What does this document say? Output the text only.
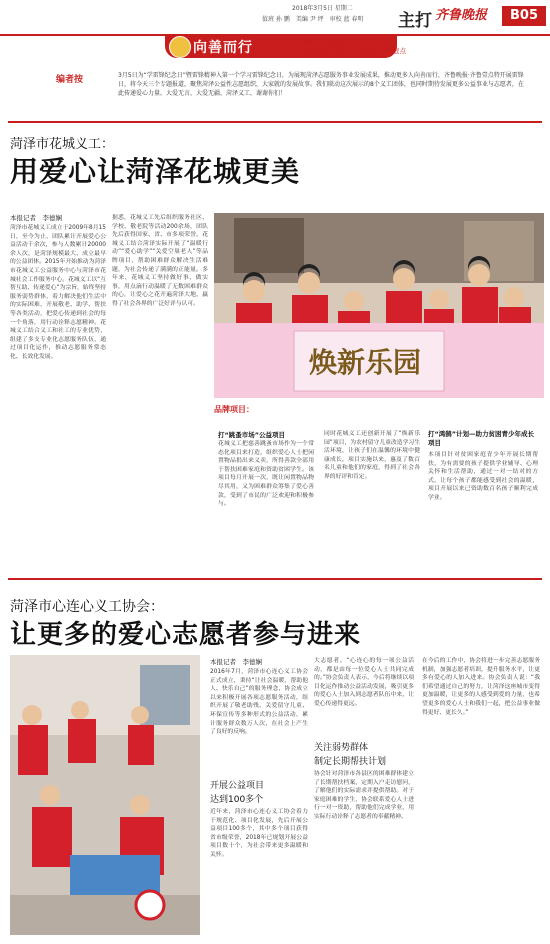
2018年3月5日 星期二
值班 孙 鹏　美编 尹 坪　审校 蓝 春明 主打 齐鲁晚报	B05
向善而行	雷锋日特别报道
共青团菏泽市委、齐鲁晚报·齐鲁壹点
编者按	3月5日为“学雷锋纪念日”暨雷锋精神入第一个学习雷锋纪念日，为展现菏泽志愿服务事业发展成果，推动更多人向善而行，齐鲁晚报·齐鲁壹点特开展雷锋日，将今天三个专题报道，聚焦菏泽公益性志愿组织，大家就的发展故事。我们联动这次展示的8个义工团体，也同时期待发展更多公益事业与志愿者，在此传递爱心力量。大爱无言，大爱无疆，菏泽义工，谢谢你们！
菏泽市花城义工：
用爱心让菏泽花城更美
本报记者　李德娴
菏泽市花城义工成立于2009年8月15日，至今为止，团队累计开展爱心公益活动千余次，参与人数累计20000余人次，是菏泽规模最大、成立最早的公益团体。2015年开始推动为菏泽市花城义工公益服务中心与菏泽市花城社会工作服务中心。花城义工以“互帮互助、传递爱心”为宗旨，始终坚持服务弱势群体，着力解决他们生活中的实际困难，开展敬老、助学、帮扶等各类活动，把爱心传递到社会的每一个角落，用行动诠释志愿精神。花城义工结合义工和社工的专业优势，组建了多支专业化志愿服务队伍，通过项目化运作，推动志愿服务常态化、长效化发展。
据悉，花城义工先后组织服务社区、学校、敬老院等活动200余场，团队先后获得国家、省、市多项荣誉。花城义工结合菏泽实际开展了“温暖行动”“爱心助学”“关爱空巢老人”等品牌项目，帮助困难群众解决生活难题，为社会传递了满满的正能量。多年来，花城义工坚持做好事、做实事，用点滴行动温暖了无数困难群众的心，让爱心之花开遍菏泽大地，赢得了社会各界的广泛好评与认可。
焕新乐园
品牌项目：
打“跳蚤市场”公益项目
花城义工把慈善跳蚤市场作为一个常态化项目来打造，组织爱心人士把闲置物品捐出来义卖，所得善款全部用于帮扶困难家庭和资助贫困学生。该项目每月开展一次，既让闲置物品物尽其用，又为困难群众筹集了爱心善款，受到了市民的广泛欢迎和积极参与。
同时花城义工还创新开展了“焕新乐园”项目，为农村留守儿童改造学习生活环境，让孩子们在温馨的环境中健康成长，项目实施以来，惠及了数百名儿童和他们的家庭，得到了社会各界的好评和肯定。
打“鸿鹄”计划—助力贫困青少年成长项目
本项目针对贫困家庭青少年开展长期帮扶，为有需要的孩子提供学业辅导、心理关怀和生活帮助，通过一对一结对的方式，让每个孩子都能感受到社会的温暖，项目开展以来已资助数百名孩子顺利完成学业。
菏泽市心连心义工协会：
让更多的爱心志愿者参与进来
本报记者　李德娴
2016年7月，菏泽市心连心义工协会正式成立，秉持“让社会温暖，帮助他人、快乐自己”的服务理念，协会成立以来积极开展各项志愿服务活动，组织开展了敬老助残、关爱留守儿童、环保宣传等多种形式的公益活动，累计服务群众数万人次，在社会上产生了良好的反响。
开展公益项目
达到100多个
近年来，菏泽市心连心义工协会着力于规范化、项目化发展，先后开展公益项目100多个，其中多个项目获得省市级荣誉，2018年已规划开展公益项目数十个，为社会带来更多温暖和关怀。
大志愿者。“心连心的每一项公益活动，都是由每一位爱心人士共同完成的。”协会负责人表示，今后将继续以项目化运作推动公益活动发展，吸引更多的爱心人士加入到志愿者队伍中来，让爱心传递得更远。
关注弱势群体
制定长期帮扶计划
协会针对菏泽市各县区的困难群体建立了长期帮扶档案，定期入户走访慰问，了解他们的实际需求并提供帮助。对于家庭困难的学生，协会联系爱心人士进行一对一资助，帮助他们完成学业，用实际行动诠释了志愿者的奉献精神。
在今后的工作中，协会将进一步完善志愿服务机制，加强志愿者培训，提升服务水平，让更多有爱心的人加入进来。协会负责人说：“我们希望通过自己的努力，让菏泽这座城市变得更加温暖，让更多的人感受到爱的力量，也希望更多的爱心人士和我们一起，把公益事业做得更好、更长久。”
